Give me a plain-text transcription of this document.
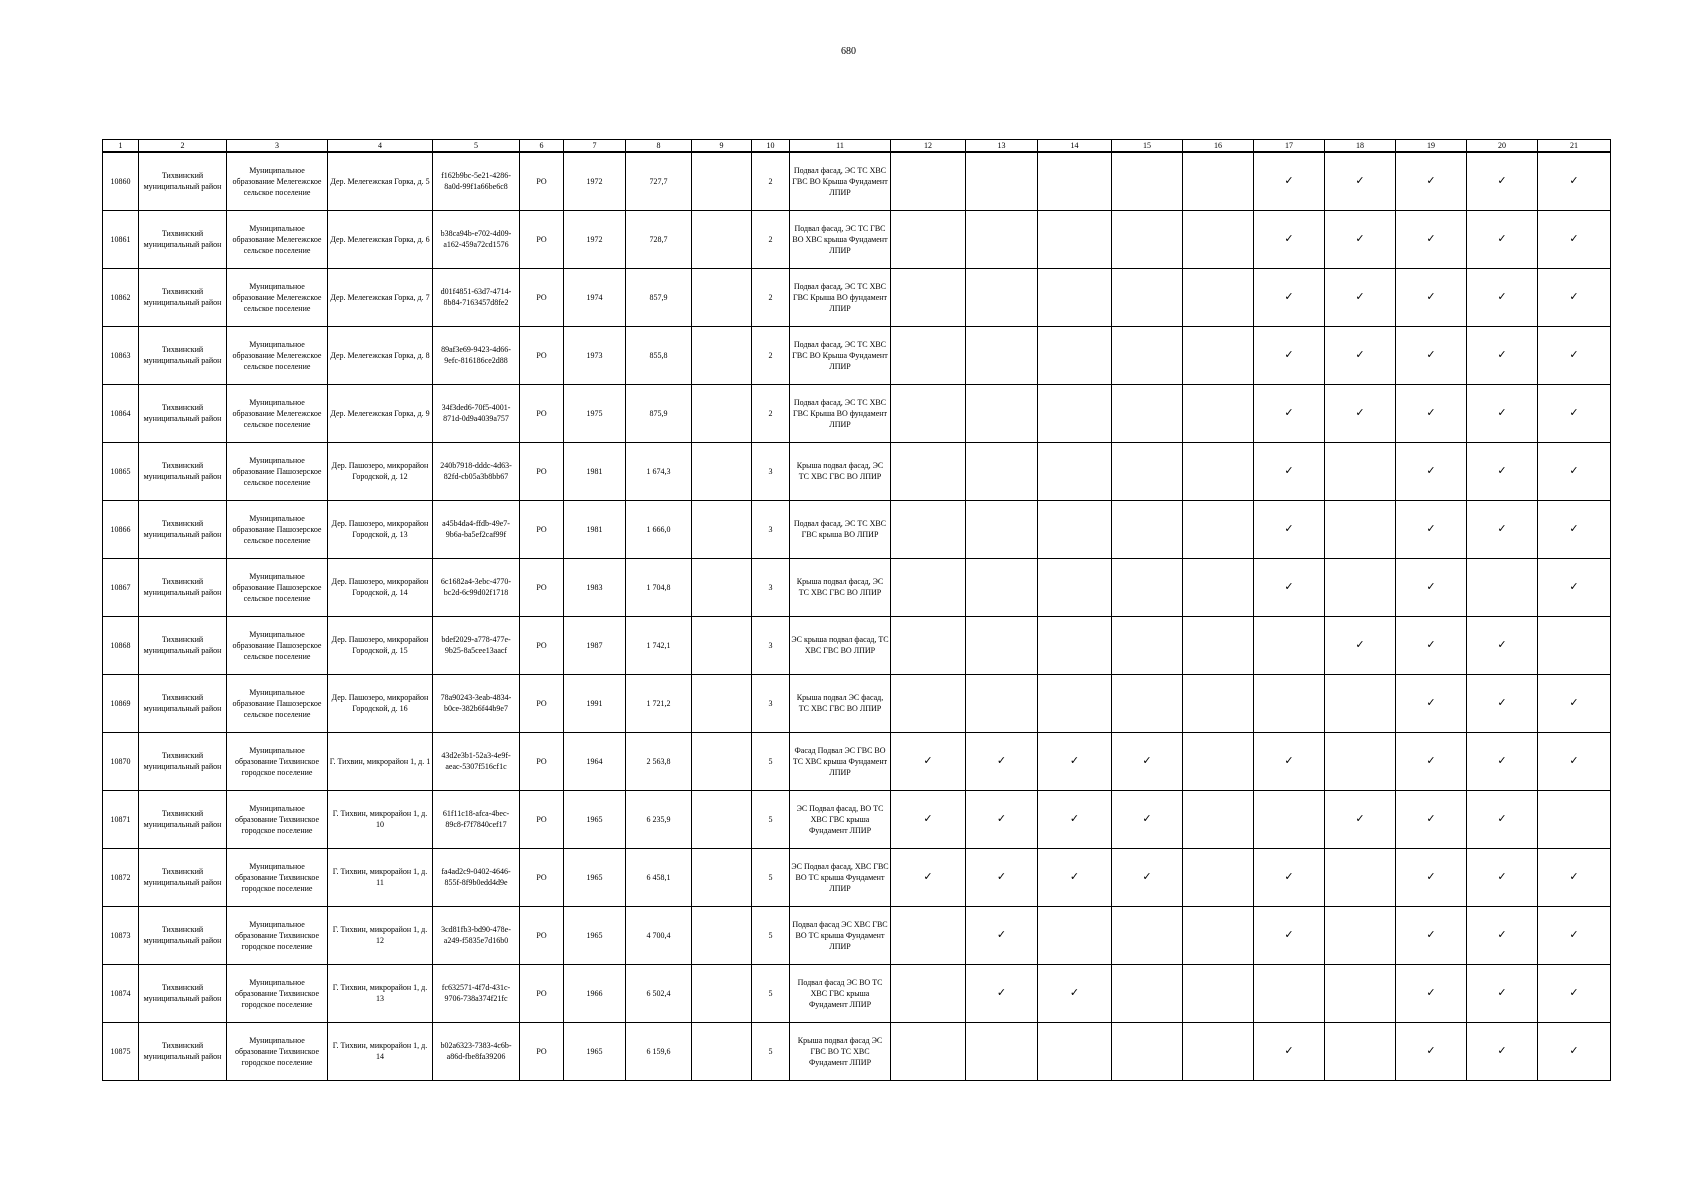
680
1	2	3	4	5	6	7	8	9	10	11	12	13	14	15	16	17	18	19	20	21
10860	Тихвинский муниципальный район	Муниципальное образование Мелегежское сельское поселение	Дер. Мелегежская Горка, д. 5	f162b9bc-5e21-4286-8a0d-99f1a66be6c8	РО	1972	727,7		2	Подвал фасад, ЭС ТС ХВС ГВС ВО Крыша Фундамент ЛПИР						✓	✓	✓	✓	✓
10861	Тихвинский муниципальный район	Муниципальное образование Мелегежское сельское поселение	Дер. Мелегежская Горка, д. 6	b38ca94b-e702-4d09-a162-459a72cd1576	РО	1972	728,7		2	Подвал фасад, ЭС ТС ГВС ВО ХВС крыша Фундамент ЛПИР						✓	✓	✓	✓	✓
10862	Тихвинский муниципальный район	Муниципальное образование Мелегежское сельское поселение	Дер. Мелегежская Горка, д. 7	d01f4851-63d7-4714-8b84-7163457d8fe2	РО	1974	857,9		2	Подвал фасад, ЭС ТС ХВС ГВС Крыша ВО фундамент ЛПИР						✓	✓	✓	✓	✓
10863	Тихвинский муниципальный район	Муниципальное образование Мелегежское сельское поселение	Дер. Мелегежская Горка, д. 8	89af3e69-9423-4d66-9efc-816186ce2d88	РО	1973	855,8		2	Подвал фасад, ЭС ТС ХВС ГВС ВО Крыша Фундамент ЛПИР						✓	✓	✓	✓	✓
10864	Тихвинский муниципальный район	Муниципальное образование Мелегежское сельское поселение	Дер. Мелегежская Горка, д. 9	34f3ded6-70f5-4001-871d-0d9a4039a757	РО	1975	875,9		2	Подвал фасад, ЭС ТС ХВС ГВС Крыша ВО фундамент ЛПИР						✓	✓	✓	✓	✓
10865	Тихвинский муниципальный район	Муниципальное образование Пашозерское сельское поселение	Дер. Пашозеро, микрорайон Городской, д. 12	240b7918-dddc-4d63-82fd-cb05a3b8bb67	РО	1981	1 674,3		3	Крыша подвал фасад, ЭС ТС ХВС ГВС ВО ЛПИР						✓		✓	✓	✓
10866	Тихвинский муниципальный район	Муниципальное образование Пашозерское сельское поселение	Дер. Пашозеро, микрорайон Городской, д. 13	a45b4da4-ffdb-49e7-9b6a-ba5ef2caf99f	РО	1981	1 666,0		3	Подвал фасад, ЭС ТС ХВС ГВС крыша ВО ЛПИР						✓		✓	✓	✓
10867	Тихвинский муниципальный район	Муниципальное образование Пашозерское сельское поселение	Дер. Пашозеро, микрорайон Городской, д. 14	6c1682a4-3ebc-4770-bc2d-6c99d02f1718	РО	1983	1 704,8		3	Крыша подвал фасад, ЭС ТС ХВС ГВС ВО ЛПИР						✓		✓		✓
10868	Тихвинский муниципальный район	Муниципальное образование Пашозерское сельское поселение	Дер. Пашозеро, микрорайон Городской, д. 15	bdef2029-a778-477e-9b25-8a5cee13aacf	РО	1987	1 742,1		3	ЭС крыша подвал фасад, ТС ХВС ГВС ВО ЛПИР							✓	✓	✓	
10869	Тихвинский муниципальный район	Муниципальное образование Пашозерское сельское поселение	Дер. Пашозеро, микрорайон Городской, д. 16	78a90243-3eab-4834-b0ce-382b6f44b9e7	РО	1991	1 721,2		3	Крыша подвал ЭС фасад, ТС ХВС ГВС ВО ЛПИР								✓	✓	✓
10870	Тихвинский муниципальный район	Муниципальное образование Тихвинское городское поселение	Г. Тихвин, микрорайон 1, д. 1	43d2e3b1-52a3-4e9f-aeac-5307f516cf1c	РО	1964	2 563,8		5	Фасад Подвал ЭС ГВС ВО ТС ХВС крыша Фундамент ЛПИР	✓	✓	✓	✓		✓		✓	✓	✓
10871	Тихвинский муниципальный район	Муниципальное образование Тихвинское городское поселение	Г. Тихвин, микрорайон 1, д. 10	61f11c18-afca-4bec-89c8-f7f7840cef17	РО	1965	6 235,9		5	ЭС Подвал фасад, ВО ТС ХВС ГВС крыша Фундамент ЛПИР	✓	✓	✓	✓			✓	✓	✓	
10872	Тихвинский муниципальный район	Муниципальное образование Тихвинское городское поселение	Г. Тихвин, микрорайон 1, д. 11	fa4ad2c9-0402-4646-855f-8f9b0edd4d9e	РО	1965	6 458,1		5	ЭС Подвал фасад, ХВС ГВС ВО ТС крыша Фундамент ЛПИР	✓	✓	✓	✓		✓		✓	✓	✓
10873	Тихвинский муниципальный район	Муниципальное образование Тихвинское городское поселение	Г. Тихвин, микрорайон 1, д. 12	3cd81fb3-bd90-478e-a249-f5835e7d16b0	РО	1965	4 700,4		5	Подвал фасад ЭС ХВС ГВС ВО ТС крыша Фундамент ЛПИР		✓				✓		✓	✓	✓
10874	Тихвинский муниципальный район	Муниципальное образование Тихвинское городское поселение	Г. Тихвин, микрорайон 1, д. 13	fc632571-4f7d-431c-9706-738a374f21fc	РО	1966	6 502,4		5	Подвал фасад ЭС ВО ТС ХВС ГВС крыша Фундамент ЛПИР		✓	✓					✓	✓	✓
10875	Тихвинский муниципальный район	Муниципальное образование Тихвинское городское поселение	Г. Тихвин, микрорайон 1, д. 14	b02a6323-7383-4c6b-a86d-fbe8fa39206	РО	1965	6 159,6		5	Крыша подвал фасад ЭС ГВС ВО ТС ХВС Фундамент ЛПИР						✓		✓	✓	✓
